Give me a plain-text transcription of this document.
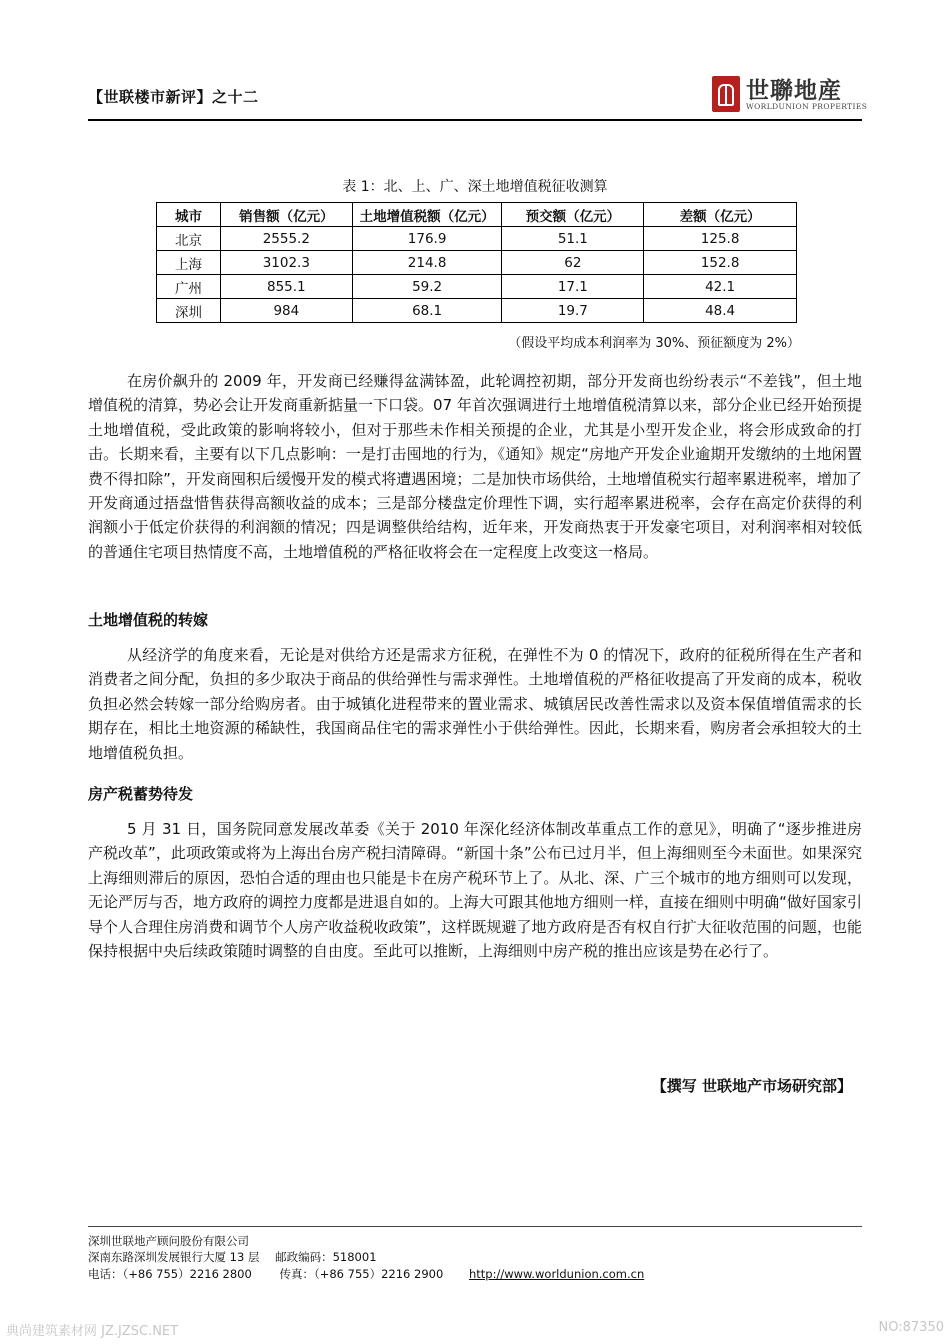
【世联楼市新评】之十二	世聯地産
WORLDUNION PROPERTIES
表 1：北、上、广、深土地增值税征收测算
城市	销售额（亿元）	土地增值税额（亿元）	预交额（亿元）	差额（亿元）
北京	2555.2	176.9	51.1	125.8
上海	3102.3	214.8	62	152.8
广州	855.1	59.2	17.1	42.1
深圳	984	68.1	19.7	48.4
（假设平均成本利润率为 30%、预征额度为 2%）

在房价飙升的 2009 年，开发商已经赚得盆满钵盈，此轮调控初期，部分开发商也纷纷表示“不差钱”，但土地增值税的清算，势必会让开发商重新掂量一下口袋。07 年首次强调进行土地增值税清算以来，部分企业已经开始预提土地增值税，受此政策的影响将较小，但对于那些未作相关预提的企业，尤其是小型开发企业，将会形成致命的打击。长期来看，主要有以下几点影响：一是打击囤地的行为，《通知》规定“房地产开发企业逾期开发缴纳的土地闲置费不得扣除”，开发商囤积后缓慢开发的模式将遭遇困境；二是加快市场供给，土地增值税实行超率累进税率，增加了开发商通过捂盘惜售获得高额收益的成本；三是部分楼盘定价理性下调，实行超率累进税率，会存在高定价获得的利润额小于低定价获得的利润额的情况；四是调整供给结构，近年来，开发商热衷于开发豪宅项目，对利润率相对较低的普通住宅项目热情度不高，土地增值税的严格征收将会在一定程度上改变这一格局。

土地增值税的转嫁

从经济学的角度来看，无论是对供给方还是需求方征税，在弹性不为 0 的情况下，政府的征税所得在生产者和消费者之间分配，负担的多少取决于商品的供给弹性与需求弹性。土地增值税的严格征收提高了开发商的成本，税收负担必然会转嫁一部分给购房者。由于城镇化进程带来的置业需求、城镇居民改善性需求以及资本保值增值需求的长期存在，相比土地资源的稀缺性，我国商品住宅的需求弹性小于供给弹性。因此，长期来看，购房者会承担较大的土地增值税负担。

房产税蓄势待发

5 月 31 日，国务院同意发展改革委《关于 2010 年深化经济体制改革重点工作的意见》，明确了“逐步推进房产税改革”，此项政策或将为上海出台房产税扫清障碍。“新国十条”公布已过月半，但上海细则至今未面世。如果深究上海细则滞后的原因，恐怕合适的理由也只能是卡在房产税环节上了。从北、深、广三个城市的地方细则可以发现，无论严厉与否，地方政府的调控力度都是进退自如的。上海大可跟其他地方细则一样，直接在细则中明确“做好国家引导个人合理住房消费和调节个人房产收益税收政策”，这样既规避了地方政府是否有权自行扩大征收范围的问题，也能保持根据中央后续政策随时调整的自由度。至此可以推断，上海细则中房产税的推出应该是势在必行了。

【撰写 世联地产市场研究部】
深圳世联地产顾问股份有限公司
深南东路深圳发展银行大厦 13 层 邮政编码：518001
电话：（+86 755）2216 2800 传真：（+86 755）2216 2900 http://www.worldunion.com.cn
典尚建筑素材网 JZ.JZSC.NET	NO:87350
